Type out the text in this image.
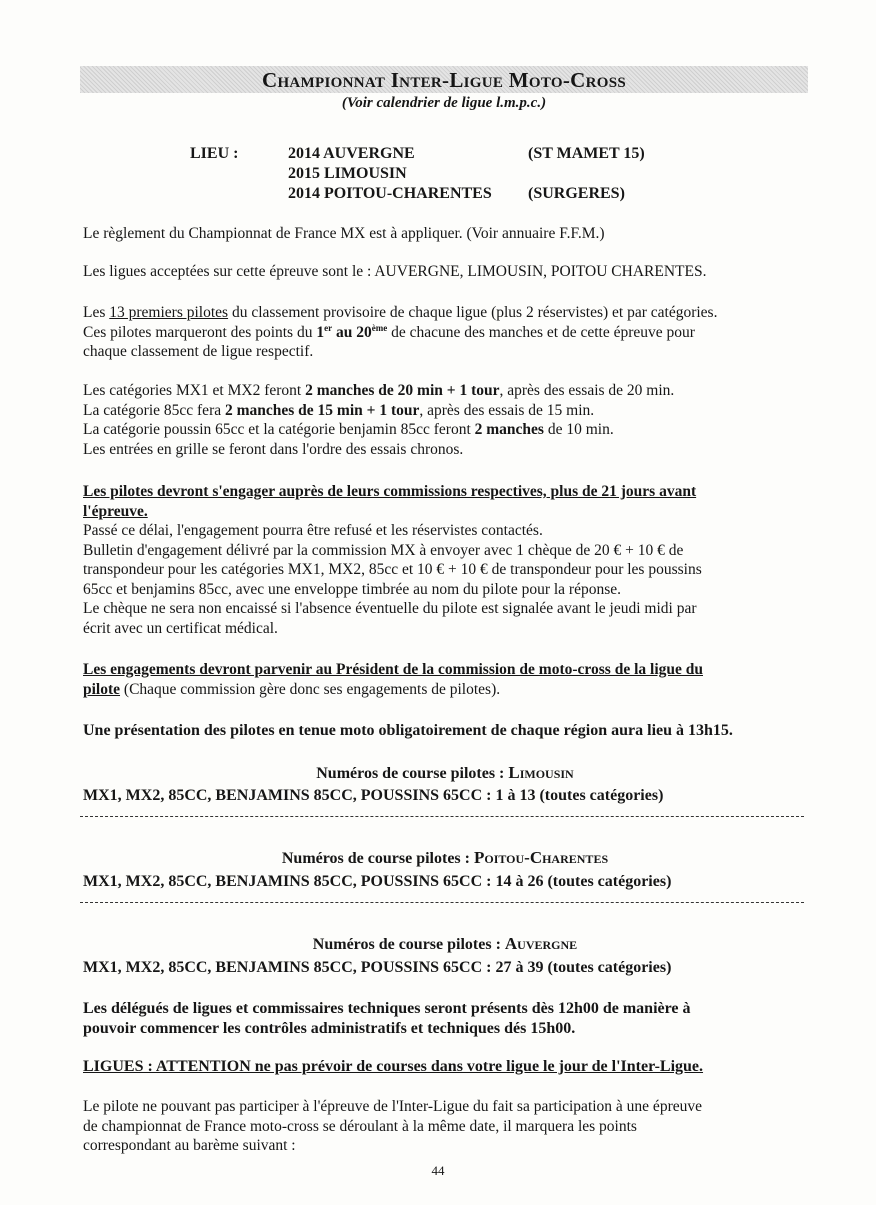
Championnat Inter-Ligue Moto-Cross
(Voir calendrier de ligue l.m.p.c.)
LIEU :	2014 AUVERGNE	(ST MAMET 15)
2015 LIMOUSIN
2014 POITOU-CHARENTES (SURGERES)
Le règlement du Championnat de France MX est à appliquer. (Voir annuaire F.F.M.)
Les ligues acceptées sur cette épreuve sont le : AUVERGNE, LIMOUSIN, POITOU CHARENTES.
Les 13 premiers pilotes du classement provisoire de chaque ligue (plus 2 réservistes) et par catégories.
Ces pilotes marqueront des points du 1er au 20ème de chacune des manches et de cette épreuve pour
chaque classement de ligue respectif.
Les catégories MX1 et MX2 feront 2 manches de 20 min + 1 tour, après des essais de 20 min.
La catégorie 85cc fera 2 manches de 15 min + 1 tour, après des essais de 15 min.
La catégorie poussin 65cc et la catégorie benjamin 85cc feront 2 manches de 10 min.
Les entrées en grille se feront dans l'ordre des essais chronos.
Les pilotes devront s'engager auprès de leurs commissions respectives, plus de 21 jours avant
l'épreuve.
Passé ce délai, l'engagement pourra être refusé et les réservistes contactés.
Bulletin d'engagement délivré par la commission MX à envoyer avec 1 chèque de 20 € + 10 € de
transpondeur pour les catégories MX1, MX2, 85cc et 10 € + 10 € de transpondeur pour les poussins
65cc et benjamins 85cc, avec une enveloppe timbrée au nom du pilote pour la réponse.
Le chèque ne sera non encaissé si l'absence éventuelle du pilote est signalée avant le jeudi midi par
écrit avec un certificat médical.
Les engagements devront parvenir au Président de la commission de moto-cross de la ligue du
pilote (Chaque commission gère donc ses engagements de pilotes).
Une présentation des pilotes en tenue moto obligatoirement de chaque région aura lieu à 13h15.
Numéros de course pilotes : Limousin
MX1, MX2, 85CC, BENJAMINS 85CC, POUSSINS 65CC : 1 à 13 (toutes catégories)
Numéros de course pilotes : Poitou-Charentes
MX1, MX2, 85CC, BENJAMINS 85CC, POUSSINS 65CC : 14 à 26 (toutes catégories)
Numéros de course pilotes : Auvergne
MX1, MX2, 85CC, BENJAMINS 85CC, POUSSINS 65CC : 27 à 39 (toutes catégories)
Les délégués de ligues et commissaires techniques seront présents dès 12h00 de manière à
pouvoir commencer les contrôles administratifs et techniques dés 15h00.
LIGUES : ATTENTION ne pas prévoir de courses dans votre ligue le jour de l'Inter-Ligue.
Le pilote ne pouvant pas participer à l'épreuve de l'Inter-Ligue du fait sa participation à une épreuve
de championnat de France moto-cross se déroulant à la même date, il marquera les points
correspondant au barème suivant :
44
